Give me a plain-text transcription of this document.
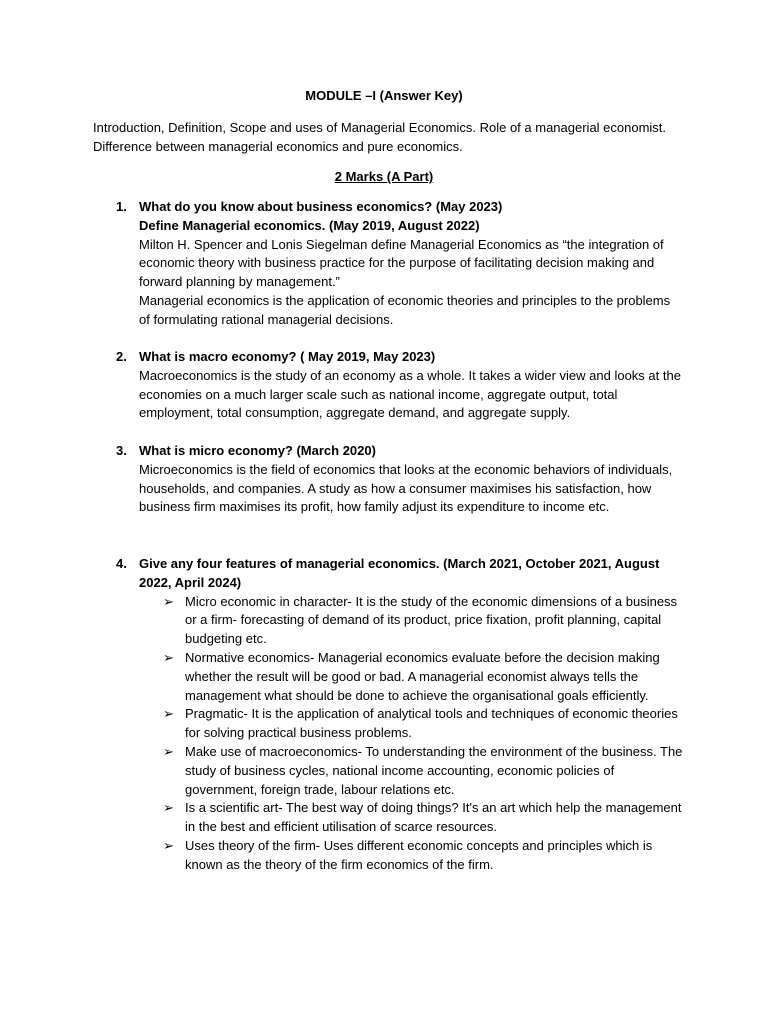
MODULE –I (Answer Key)

Introduction, Definition, Scope and uses of Managerial Economics. Role of a managerial economist. Difference between managerial economics and pure economics.

2 Marks (A Part)

1. What do you know about business economics? (May 2023)

Define Managerial economics. (May 2019, August 2022)

Milton H. Spencer and Lonis Siegelman define Managerial Economics as “the integration of economic theory with business practice for the purpose of facilitating decision making and forward planning by management.”

Managerial economics is the application of economic theories and principles to the problems of formulating rational managerial decisions.

2. What is macro economy? ( May 2019, May 2023)

Macroeconomics is the study of an economy as a whole. It takes a wider view and looks at the economies on a much larger scale such as national income, aggregate output, total employment, total consumption, aggregate demand, and aggregate supply.

3. What is micro economy? (March 2020)

Microeconomics is the field of economics that looks at the economic behaviors of individuals, households, and companies. A study as how a consumer maximises his satisfaction, how business firm maximises its profit, how family adjust its expenditure to income etc.

4. Give any four features of managerial economics. (March 2021, October 2021, August 2022, April 2024)

➢ Micro economic in character- It is the study of the economic dimensions of a business or a firm- forecasting of demand of its product, price fixation, profit planning, capital budgeting etc.
➢ Normative economics- Managerial economics evaluate before the decision making whether the result will be good or bad. A managerial economist always tells the management what should be done to achieve the organisational goals efficiently.
➢ Pragmatic- It is the application of analytical tools and techniques of economic theories for solving practical business problems.
➢ Make use of macroeconomics- To understanding the environment of the business. The study of business cycles, national income accounting, economic policies of government, foreign trade, labour relations etc.
➢ Is a scientific art- The best way of doing things? It's an art which help the management in the best and efficient utilisation of scarce resources.
➢ Uses theory of the firm- Uses different economic concepts and principles which is known as the theory of the firm economics of the firm.
